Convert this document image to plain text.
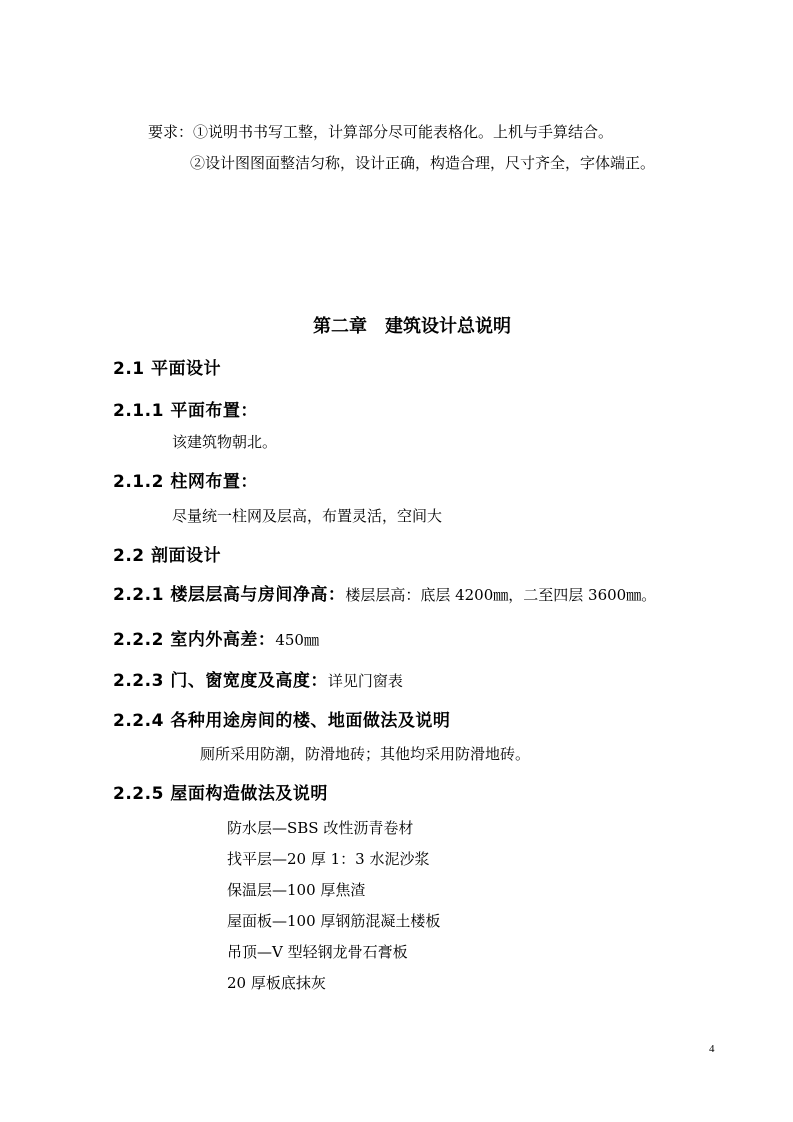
要求：①说明书书写工整，计算部分尽可能表格化。上机与手算结合。
②设计图图面整洁匀称，设计正确，构造合理，尺寸齐全，字体端正。
第二章　建筑设计总说明
2.1 平面设计
2.1.1 平面布置：
该建筑物朝北。
2.1.2 柱网布置：
尽量统一柱网及层高，布置灵活，空间大
2.2 剖面设计
2.2.1 楼层层高与房间净高：楼层层高：底层 4200㎜，二至四层 3600㎜。
2.2.2 室内外高差：450㎜
2.2.3 门、窗宽度及高度：详见门窗表
2.2.4 各种用途房间的楼、地面做法及说明
厕所采用防潮，防滑地砖；其他均采用防滑地砖。
2.2.5 屋面构造做法及说明
防水层—SBS 改性沥青卷材
找平层—20 厚 1：3 水泥沙浆
保温层—100 厚焦渣
屋面板—100 厚钢筋混凝土楼板
吊顶—V 型轻钢龙骨石膏板
20 厚板底抹灰
4
